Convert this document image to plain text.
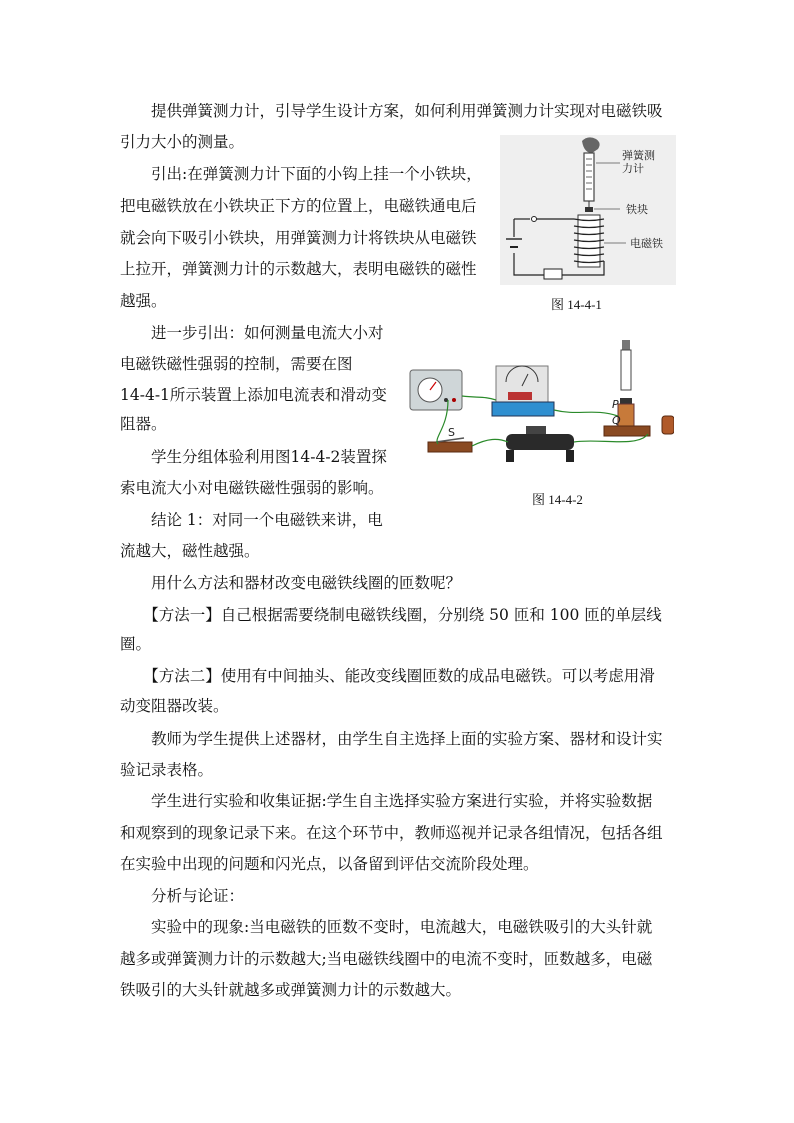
　　提供弹簧测力计，引导学生设计方案，如何利用弹簧测力计实现对电磁铁吸
引力大小的测量。
　　引出:在弹簧测力计下面的小钩上挂一个小铁块，
把电磁铁放在小铁块正下方的位置上，电磁铁通电后
就会向下吸引小铁块，用弹簧测力计将铁块从电磁铁
上拉开，弹簧测力计的示数越大，表明电磁铁的磁性
越强。
　　进一步引出：如何测量电流大小对
电磁铁磁性强弱的控制，需要在图
14-4-1所示装置上添加电流表和滑动变
阻器。
　　学生分组体验利用图14-4-2装置探
索电流大小对电磁铁磁性强弱的影响。
　　结论 1：对同一个电磁铁来讲，电
流越大，磁性越强。
　　用什么方法和器材改变电磁铁线圈的匝数呢？
　　【方法一】自己根据需要绕制电磁铁线圈，分别绕 50 匝和 100 匝的单层线
圈。
　　【方法二】使用有中间抽头、能改变线圈匝数的成品电磁铁。可以考虑用滑
动变阻器改装。
　　教师为学生提供上述器材，由学生自主选择上面的实验方案、器材和设计实
验记录表格。
　　学生进行实验和收集证据:学生自主选择实验方案进行实验，并将实验数据
和观察到的现象记录下来。在这个环节中，教师巡视并记录各组情况，包括各组
在实验中出现的问题和闪光点，以备留到评估交流阶段处理。
　　分析与论证：
　　实验中的现象:当电磁铁的匝数不变时，电流越大，电磁铁吸引的大头针就
越多或弹簧测力计的示数越大;当电磁铁线圈中的电流不变时，匝数越多，电磁
铁吸引的大头针就越多或弹簧测力计的示数越大。
弹簧测
力计
铁块
电磁铁
图 14-4-1
P
Q
S
图 14-4-2
